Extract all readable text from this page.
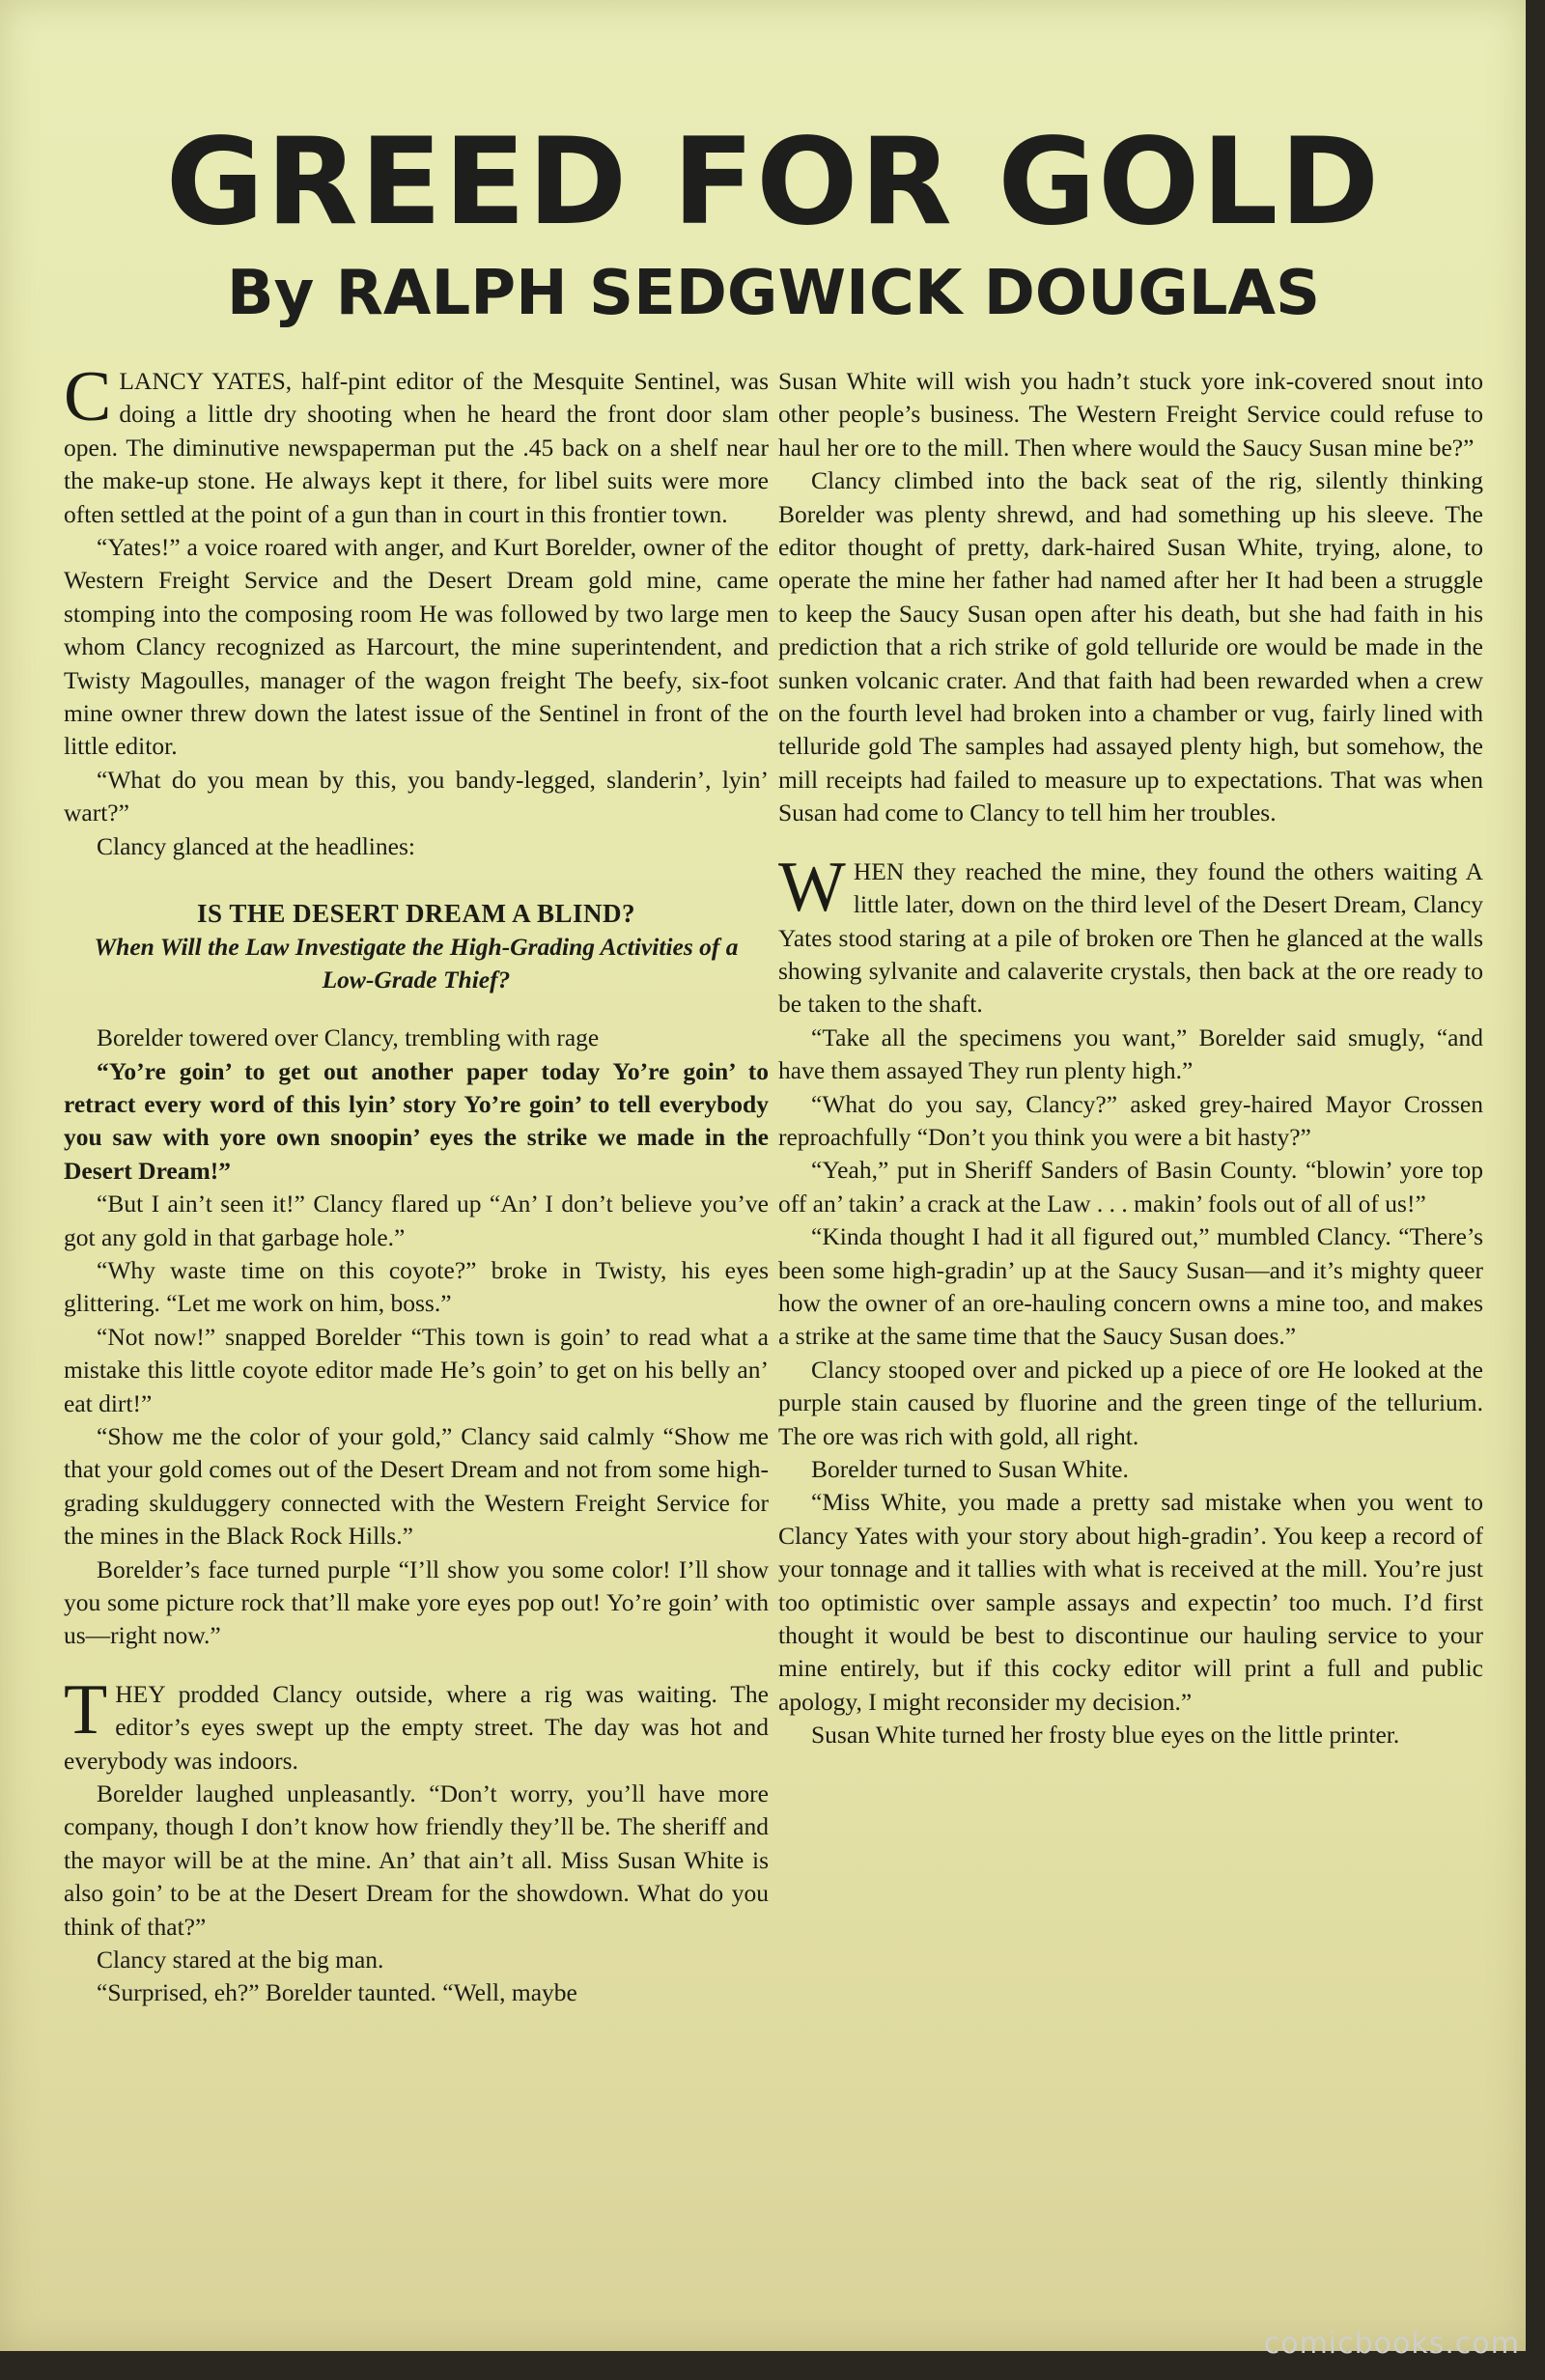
GREED FOR GOLD
By RALPH SEDGWICK DOUGLAS

CLANCY YATES, half-pint editor of the Mesquite Sentinel, was doing a little dry shooting when he heard the front door slam open. The diminutive newspaperman put the .45 back on a shelf near the make-up stone. He always kept it there, for libel suits were more often settled at the point of a gun than in court in this frontier town.

“Yates!” a voice roared with anger, and Kurt Borelder, owner of the Western Freight Service and the Desert Dream gold mine, came stomping into the composing room He was followed by two large men whom Clancy recognized as Harcourt, the mine superintendent, and Twisty Magoulles, manager of the wagon freight The beefy, six-foot mine owner threw down the latest issue of the Sentinel in front of the little editor.

“What do you mean by this, you bandy-legged, slanderin’, lyin’ wart?”

Clancy glanced at the headlines:

IS THE DESERT DREAM A BLIND?
When Will the Law Investigate the High-Grading Activities of a Low-Grade Thief?

Borelder towered over Clancy, trembling with rage

“Yo’re goin’ to get out another paper today Yo’re goin’ to retract every word of this lyin’ story Yo’re goin’ to tell everybody you saw with yore own snoopin’ eyes the strike we made in the Desert Dream!”

“But I ain’t seen it!” Clancy flared up “An’ I don’t believe you’ve got any gold in that garbage hole.”

“Why waste time on this coyote?” broke in Twisty, his eyes glittering. “Let me work on him, boss.”

“Not now!” snapped Borelder “This town is goin’ to read what a mistake this little coyote editor made He’s goin’ to get on his belly an’ eat dirt!”

“Show me the color of your gold,” Clancy said calmly “Show me that your gold comes out of the Desert Dream and not from some high-grading skulduggery connected with the Western Freight Service for the mines in the Black Rock Hills.”

Borelder’s face turned purple “I’ll show you some color! I’ll show you some picture rock that’ll make yore eyes pop out! Yo’re goin’ with us—right now.”

THEY prodded Clancy outside, where a rig was waiting. The editor’s eyes swept up the empty street. The day was hot and everybody was indoors.

Borelder laughed unpleasantly. “Don’t worry, you’ll have more company, though I don’t know how friendly they’ll be. The sheriff and the mayor will be at the mine. An’ that ain’t all. Miss Susan White is also goin’ to be at the Desert Dream for the showdown. What do you think of that?”

Clancy stared at the big man.

“Surprised, eh?” Borelder taunted. “Well, maybe

Susan White will wish you hadn’t stuck yore ink-covered snout into other people’s business. The Western Freight Service could refuse to haul her ore to the mill. Then where would the Saucy Susan mine be?”

Clancy climbed into the back seat of the rig, silently thinking Borelder was plenty shrewd, and had something up his sleeve. The editor thought of pretty, dark-haired Susan White, trying, alone, to operate the mine her father had named after her It had been a struggle to keep the Saucy Susan open after his death, but she had faith in his prediction that a rich strike of gold telluride ore would be made in the sunken volcanic crater. And that faith had been rewarded when a crew on the fourth level had broken into a chamber or vug, fairly lined with telluride gold The samples had assayed plenty high, but somehow, the mill receipts had failed to measure up to expectations. That was when Susan had come to Clancy to tell him her troubles.

WHEN they reached the mine, they found the others waiting A little later, down on the third level of the Desert Dream, Clancy Yates stood staring at a pile of broken ore Then he glanced at the walls showing sylvanite and calaverite crystals, then back at the ore ready to be taken to the shaft.

“Take all the specimens you want,” Borelder said smugly, “and have them assayed They run plenty high.”

“What do you say, Clancy?” asked grey-haired Mayor Crossen reproachfully “Don’t you think you were a bit hasty?”

“Yeah,” put in Sheriff Sanders of Basin County. “blowin’ yore top off an’ takin’ a crack at the Law . . . makin’ fools out of all of us!”

“Kinda thought I had it all figured out,” mumbled Clancy. “There’s been some high-gradin’ up at the Saucy Susan—and it’s mighty queer how the owner of an ore-hauling concern owns a mine too, and makes a strike at the same time that the Saucy Susan does.”

Clancy stooped over and picked up a piece of ore He looked at the purple stain caused by fluorine and the green tinge of the tellurium. The ore was rich with gold, all right.

Borelder turned to Susan White.

“Miss White, you made a pretty sad mistake when you went to Clancy Yates with your story about high-gradin’. You keep a record of your tonnage and it tallies with what is received at the mill. You’re just too optimistic over sample assays and expectin’ too much. I’d first thought it would be best to discontinue our hauling service to your mine entirely, but if this cocky editor will print a full and public apology, I might reconsider my decision.”

Susan White turned her frosty blue eyes on the little printer.

comicbooks.com
